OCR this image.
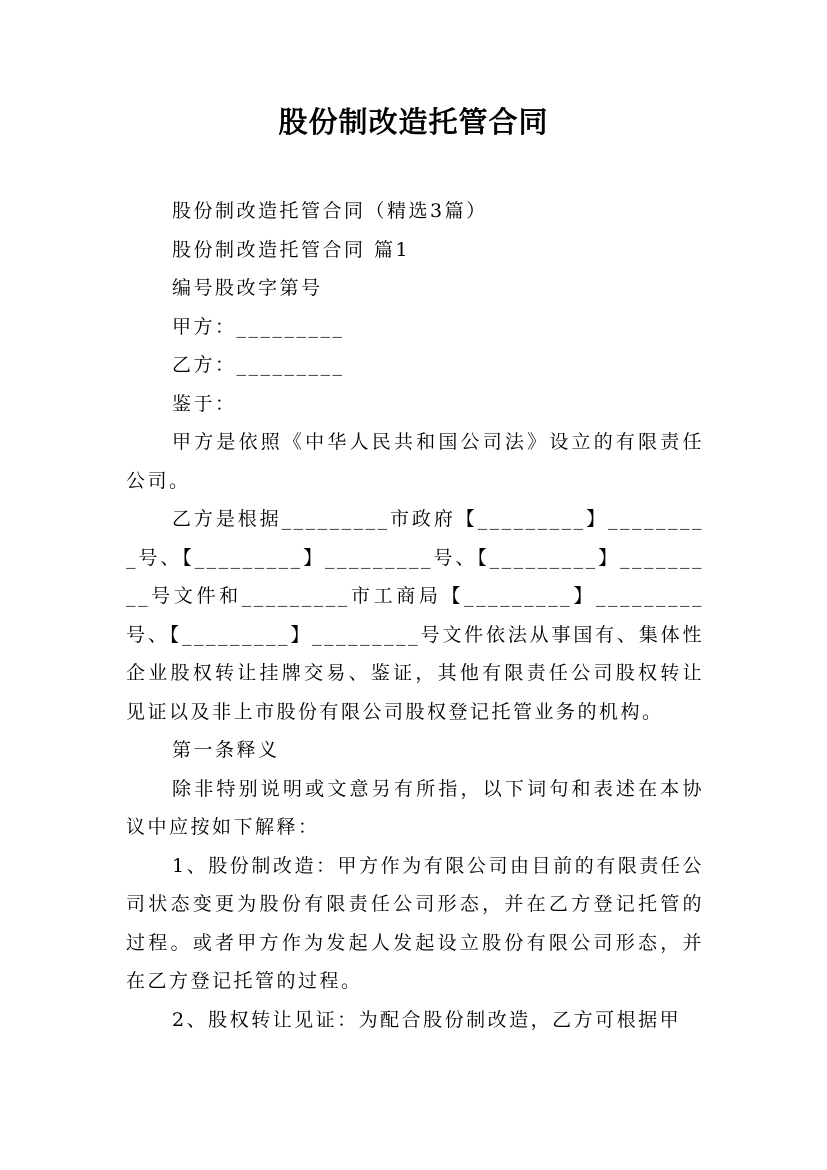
股份制改造托管合同

股份制改造托管合同（精选3篇）

股份制改造托管合同 篇1

编号股改字第号

甲方：_________

乙方：_________

鉴于：

甲方是依照《中华人民共和国公司法》设立的有限责任公司。

乙方是根据_________市政府【_________】_________号、【_________】_________号、【_________】_________号文件和_________市工商局【_________】_________号、【_________】_________号文件依法从事国有、集体性企业股权转让挂牌交易、鉴证，其他有限责任公司股权转让见证以及非上市股份有限公司股权登记托管业务的机构。

第一条释义

除非特别说明或文意另有所指，以下词句和表述在本协议中应按如下解释：

1、股份制改造：甲方作为有限公司由目前的有限责任公司状态变更为股份有限责任公司形态，并在乙方登记托管的过程。或者甲方作为发起人发起设立股份有限公司形态，并在乙方登记托管的过程。

2、股权转让见证：为配合股份制改造，乙方可根据甲
